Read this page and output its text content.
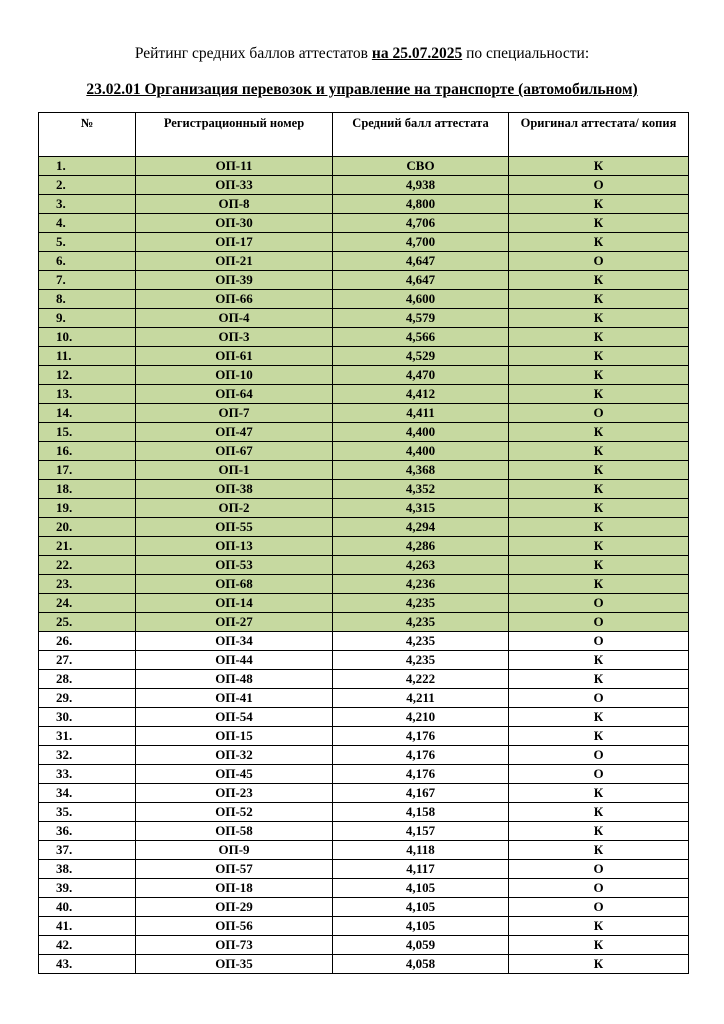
Рейтинг средних баллов аттестатов на 25.07.2025 по специальности:
23.02.01 Организация перевозок и управление на транспорте (автомобильном)
№	Регистрационный номер	Средний балл аттестата	Оригинал аттестата/ копия
1.	ОП-11	СВО	К
2.	ОП-33	4,938	О
3.	ОП-8	4,800	К
4.	ОП-30	4,706	К
5.	ОП-17	4,700	К
6.	ОП-21	4,647	О
7.	ОП-39	4,647	К
8.	ОП-66	4,600	К
9.	ОП-4	4,579	К
10.	ОП-3	4,566	К
11.	ОП-61	4,529	К
12.	ОП-10	4,470	К
13.	ОП-64	4,412	К
14.	ОП-7	4,411	О
15.	ОП-47	4,400	К
16.	ОП-67	4,400	К
17.	ОП-1	4,368	К
18.	ОП-38	4,352	К
19.	ОП-2	4,315	К
20.	ОП-55	4,294	К
21.	ОП-13	4,286	К
22.	ОП-53	4,263	К
23.	ОП-68	4,236	К
24.	ОП-14	4,235	О
25.	ОП-27	4,235	О
26.	ОП-34	4,235	О
27.	ОП-44	4,235	К
28.	ОП-48	4,222	К
29.	ОП-41	4,211	О
30.	ОП-54	4,210	К
31.	ОП-15	4,176	К
32.	ОП-32	4,176	О
33.	ОП-45	4,176	О
34.	ОП-23	4,167	К
35.	ОП-52	4,158	К
36.	ОП-58	4,157	К
37.	ОП-9	4,118	К
38.	ОП-57	4,117	О
39.	ОП-18	4,105	О
40.	ОП-29	4,105	О
41.	ОП-56	4,105	К
42.	ОП-73	4,059	К
43.	ОП-35	4,058	К
